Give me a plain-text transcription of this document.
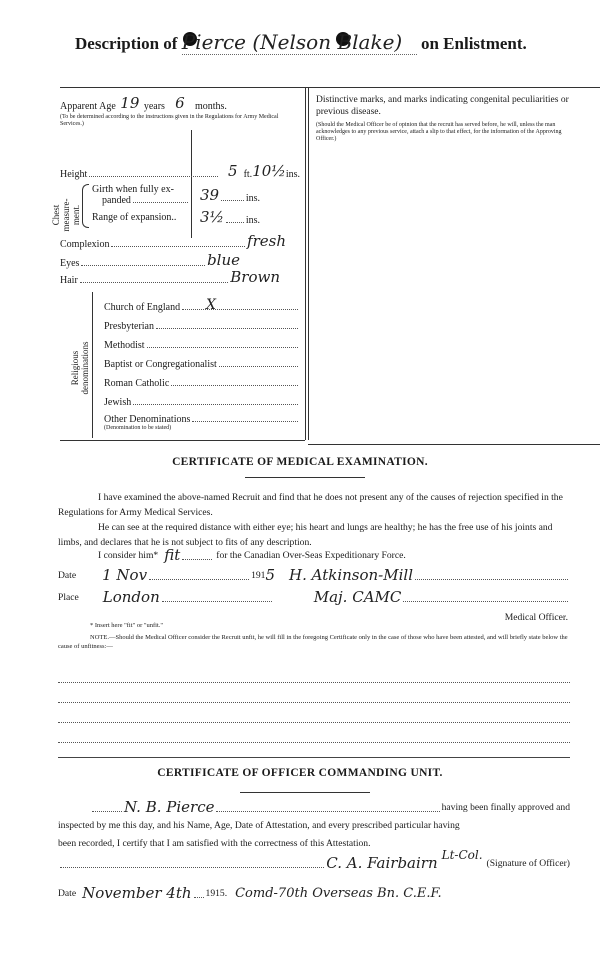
Description of Pierce (Nelson Blake) on Enlistment.
Apparent Age 19 years 6	months.
(To be determined according to the instructions given in the Regulations for Army Medical Services.)
Height	5 ft. 10½ ins.
Chest measure-ment.
Girth when fully ex-
panded	39	ins.
Range of expansion.. 3½ ins.
Complexion	fresh
Eyes	blue
Hair	Brown
Religious denominations
Church of England X
Presbyterian
Methodist
Baptist or Congregationalist
Roman Catholic
Jewish
Other Denominations
(Denomination to be stated)
Distinctive marks, and marks indicating congenital peculiarities or previous disease.
(Should the Medical Officer be of opinion that the recruit has served before, he will, unless the man acknowledges to any previous service, attach a slip to that effect, for the information of the Approving Officer.)
CERTIFICATE OF MEDICAL EXAMINATION.
I have examined the above-named Recruit and find that he does not present any of the causes of rejection specified in the Regulations for Army Medical Services.
He can see at the required distance with either eye; his heart and lungs are healthy; he has the free use of his joints and limbs, and declares that he is not subject to fits of any description.
I consider him* fit	for the Canadian Over-Seas Expeditionary Force.
Date 1 Nov	191 5 H. Atkinson-Mill
Place London	Maj. CAMC
Medical Officer.
* Insert here "fit" or "unfit."
NOTE.—Should the Medical Officer consider the Recruit unfit, he will fill in the foregoing Certificate only in the case of those who have been attested, and will briefly state below the cause of unfitness:—
CERTIFICATE OF OFFICER COMMANDING UNIT.
N. B. Pierce	having been finally approved and
inspected by me this day, and his Name, Age, Date of Attestation, and every prescribed particular having
been recorded, I certify that I am satisfied with the correctness of this Attestation.
C. A. Fairbairn Lt-Col.
(Signature of Officer)
Date November 4th 1915. Comd-70th Overseas Bn. C.E.F.
